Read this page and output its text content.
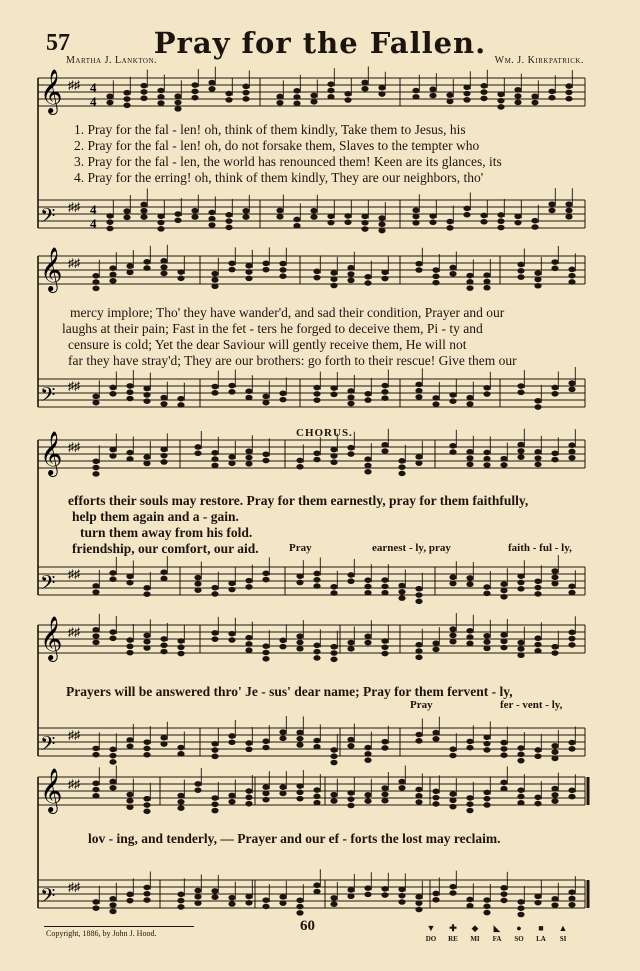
57	Pray for the Fallen.
Martha J. Lankton.	Wm. J. Kirkpatrick.
𝄞 ♯♯ 4
4
𝄢 ♯♯ 4
4
𝄞 ♯♯
𝄢 ♯♯
𝄞 ♯♯
𝄢 ♯♯
𝄞 ♯♯
𝄢 ♯♯
𝄞 ♯♯
𝄢 ♯♯
1. Pray for the fal - len! oh, think of them kindly, Take them to Jesus, his
2. Pray for the fal - len! oh, do not forsake them, Slaves to the tempter who
3. Pray for the fal - len, the world has renounced them! Keen are its glances, its
4. Pray for the erring! oh, think of them kindly, They are our neighbors, tho'
mercy implore; Tho' they have wander'd, and sad their condition, Prayer and our
laughs at their pain; Fast in the fet - ters he forged to deceive them, Pi - ty and
censure is cold; Yet the dear Saviour will gently receive them, He will not
far they have stray'd; They are our brothers: go forth to their rescue! Give them our
CHORUS.
efforts their souls may restore. Pray for them earnestly, pray for them faithfully,
help them again and a - gain.
turn them away from his fold.
friendship, our comfort, our aid.	Pray	earnest - ly, pray	faith - ful - ly,
Prayers will be answered thro' Je - sus' dear name; Pray for them fervent - ly,
Pray	fer - vent - ly,
lov - ing, and tenderly, — Prayer and our ef - forts the lost may reclaim.
Copyright, 1886, by John J. Hood.	60	▼ ✚ ◆ ◣ ● ■ ▲
DO RE MI FA SO LA SI
